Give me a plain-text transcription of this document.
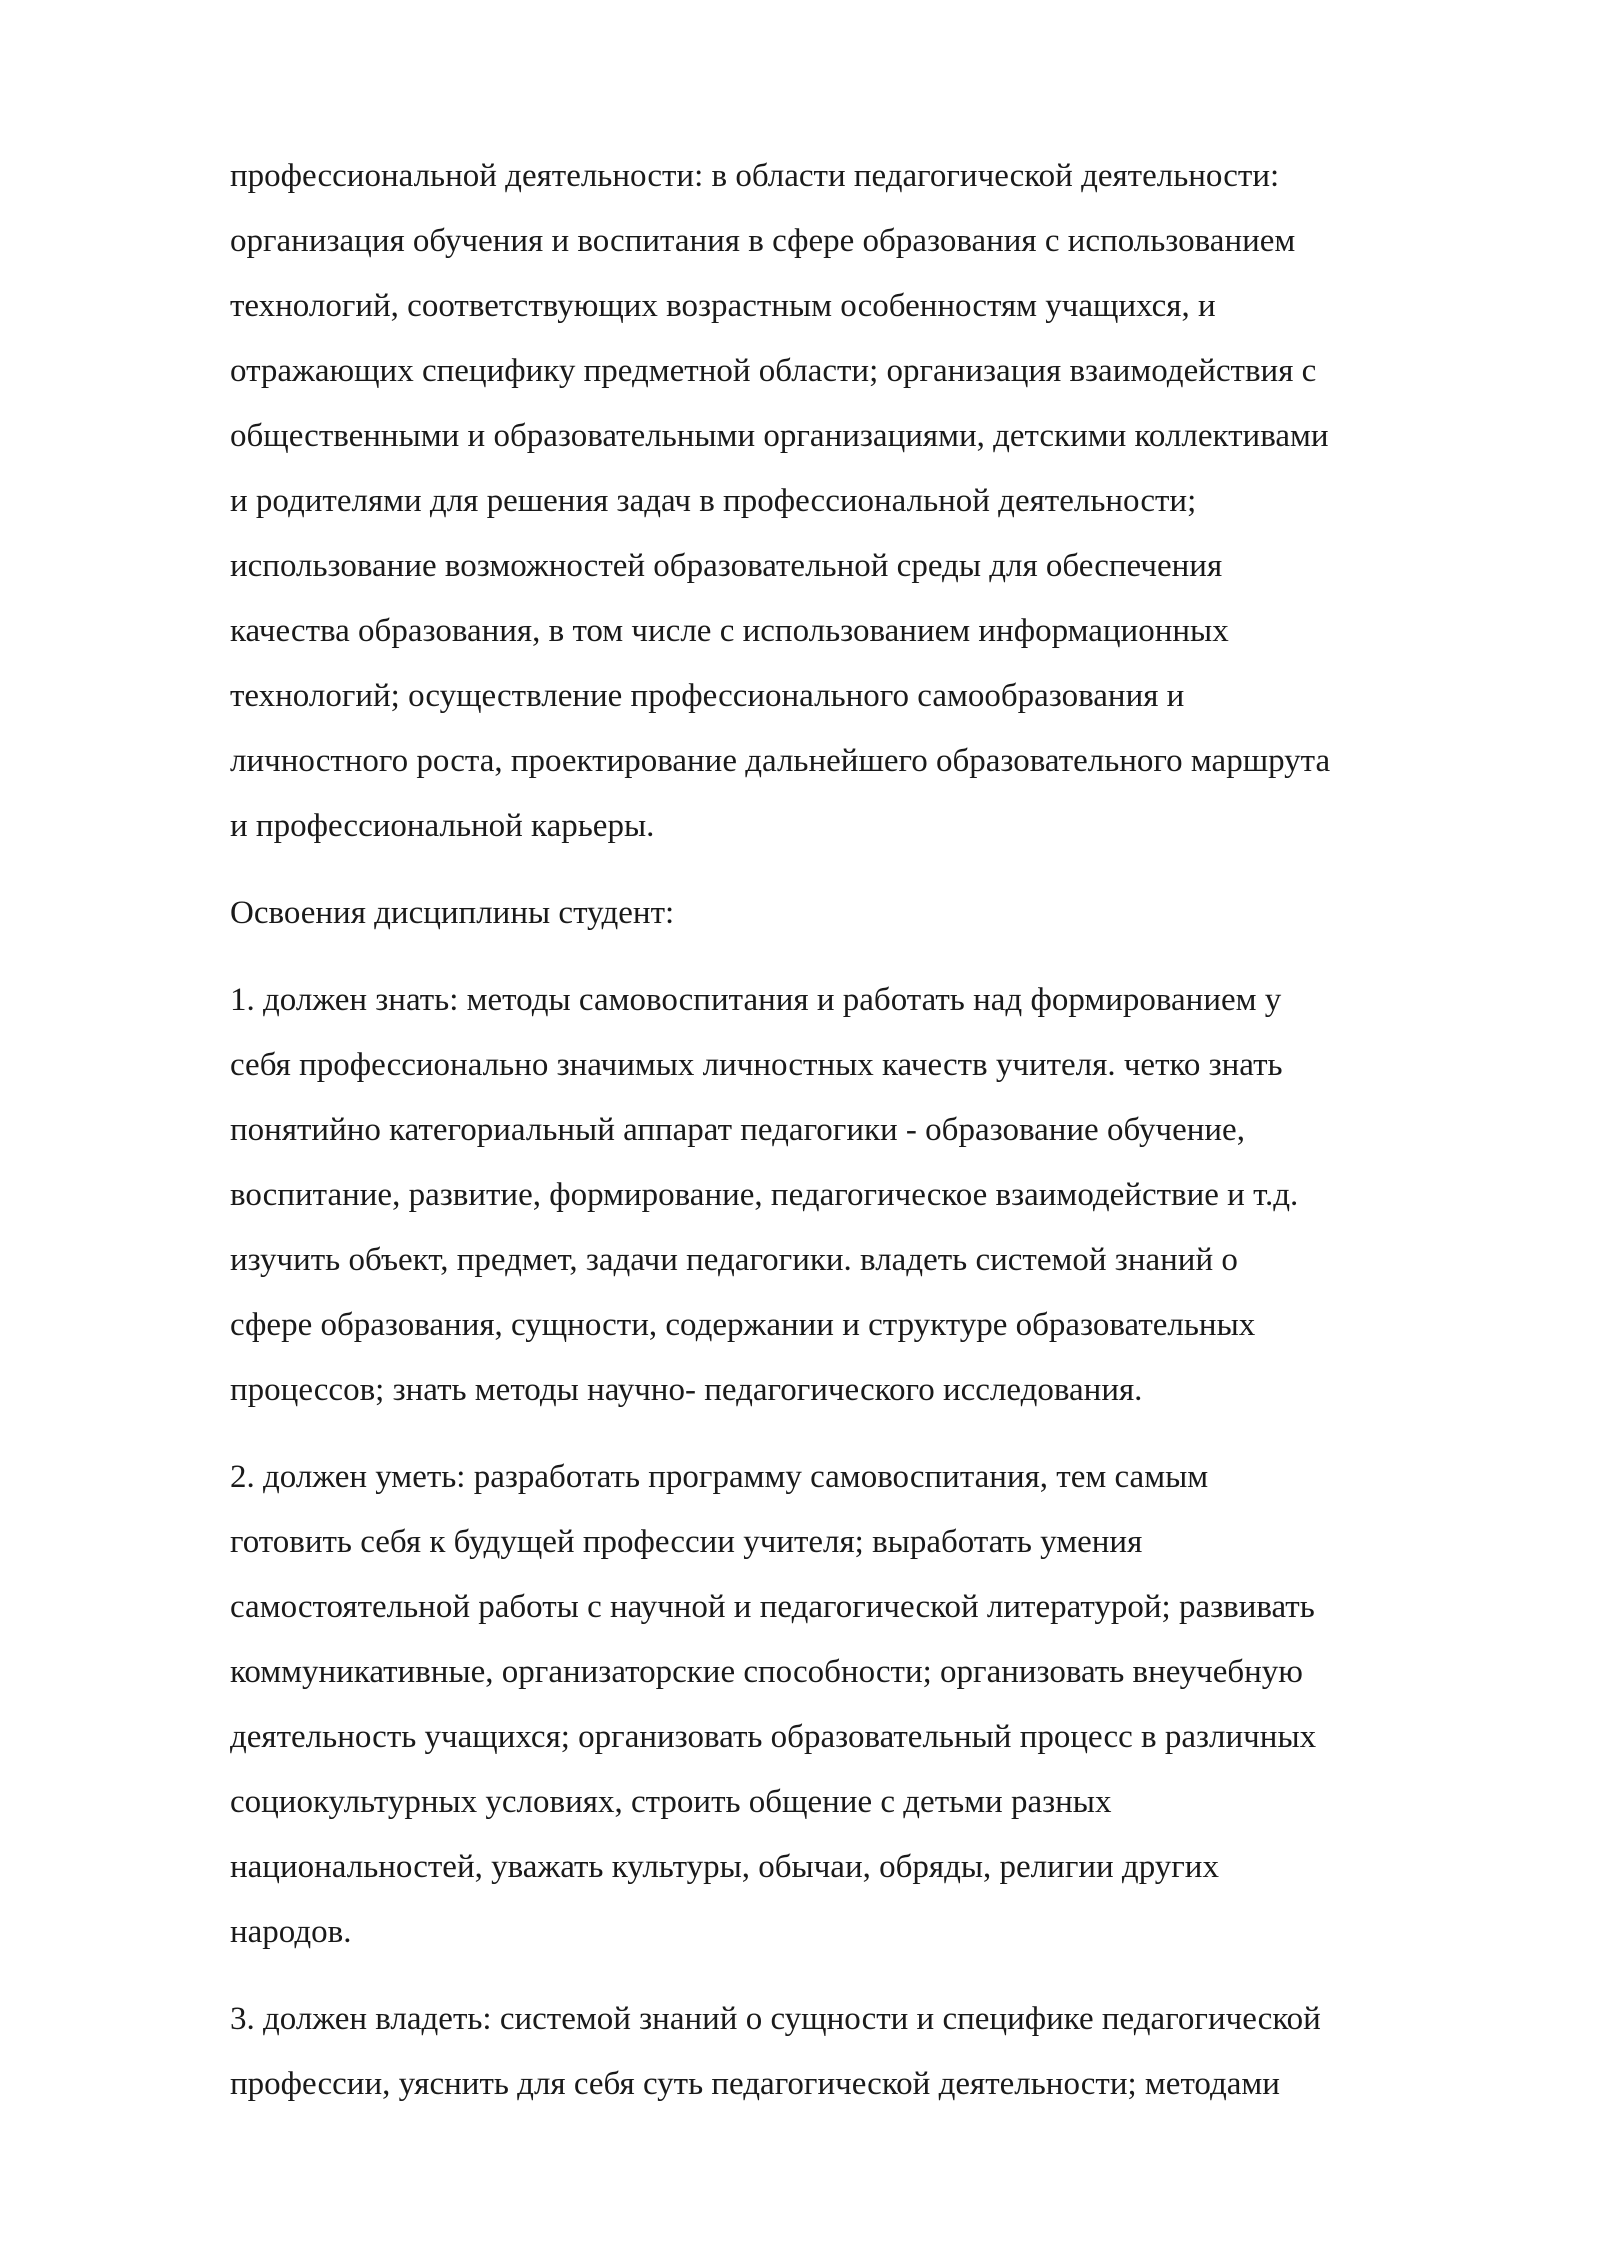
профессиональной деятельности: в области педагогической деятельности:
организация обучения и воспитания в сфере образования с использованием
технологий, соответствующих возрастным особенностям учащихся, и
отражающих специфику предметной области; организация взаимодействия с
общественными и образовательными организациями, детскими коллективами
и родителями для решения задач в профессиональной деятельности;
использование возможностей образовательной среды для обеспечения
качества образования, в том числе с использованием информационных
технологий; осуществление профессионального самообразования и
личностного роста, проектирование дальнейшего образовательного маршрута
и профессиональной карьеры.

Освоения дисциплины студент:

1. должен знать: методы самовоспитания и работать над формированием у
себя профессионально значимых личностных качеств учителя. четко знать
понятийно категориальный аппарат педагогики - образование обучение,
воспитание, развитие, формирование, педагогическое взаимодействие и т.д.
изучить объект, предмет, задачи педагогики. владеть системой знаний о
сфере образования, сущности, содержании и структуре образовательных
процессов; знать методы научно- педагогического исследования.

2. должен уметь: разработать программу самовоспитания, тем самым
готовить себя к будущей профессии учителя; выработать умения
самостоятельной работы с научной и педагогической литературой; развивать
коммуникативные, организаторские способности; организовать внеучебную
деятельность учащихся; организовать образовательный процесс в различных
социокультурных условиях, строить общение с детьми разных
национальностей, уважать культуры, обычаи, обряды, религии других
народов.

3. должен владеть: системой знаний о сущности и специфике педагогической
профессии, уяснить для себя суть педагогической деятельности; методами
